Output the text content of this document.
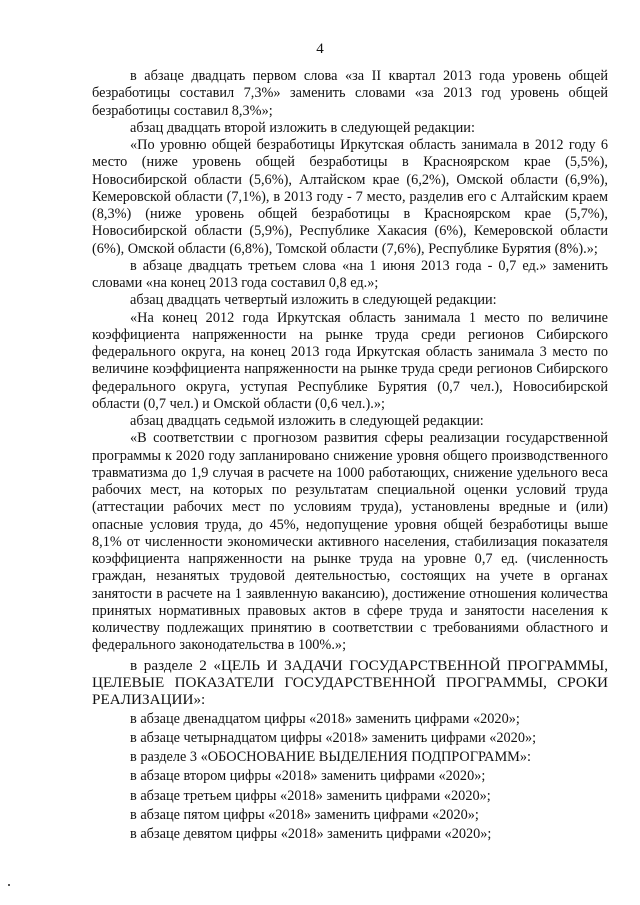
4

в абзаце двадцать первом слова «за II квартал 2013 года уровень общей безработицы составил 7,3%» заменить словами «за 2013 год уровень общей безработицы составил 8,3%»;

абзац двадцать второй изложить в следующей редакции:

«По уровню общей безработицы Иркутская область занимала в 2012 году 6 место (ниже уровень общей безработицы в Красноярском крае (5,5%), Новосибирской области (5,6%), Алтайском крае (6,2%), Омской области (6,9%), Кемеровской области (7,1%), в 2013 году - 7 место, разделив его с Алтайским краем (8,3%) (ниже уровень общей безработицы в Красноярском крае (5,7%), Новосибирской области (5,9%), Республике Хакасия (6%), Кемеровской области (6%), Омской области (6,8%), Томской области (7,6%), Республике Бурятия (8%).»;

в абзаце двадцать третьем слова «на 1 июня 2013 года - 0,7 ед.» заменить словами «на конец 2013 года составил 0,8 ед.»;

абзац двадцать четвертый изложить в следующей редакции:

«На конец 2012 года Иркутская область занимала 1 место по величине коэффициента напряженности на рынке труда среди регионов Сибирского федерального округа, на конец 2013 года Иркутская область занимала 3 место по величине коэффициента напряженности на рынке труда среди регионов Сибирского федерального округа, уступая Республике Бурятия (0,7 чел.), Новосибирской области (0,7 чел.) и Омской области (0,6 чел.).»;

абзац двадцать седьмой изложить в следующей редакции:

«В соответствии с прогнозом развития сферы реализации государственной программы к 2020 году запланировано снижение уровня общего производственного травматизма до 1,9 случая в расчете на 1000 работающих, снижение удельного веса рабочих мест, на которых по результатам специальной оценки условий труда (аттестации рабочих мест по условиям труда), установлены вредные и (или) опасные условия труда, до 45%, недопущение уровня общей безработицы выше 8,1% от численности экономически активного населения, стабилизация показателя коэффициента напряженности на рынке труда на уровне 0,7 ед. (численность граждан, незанятых трудовой деятельностью, состоящих на учете в органах занятости в расчете на 1 заявленную вакансию), достижение отношения количества принятых нормативных правовых актов в сфере труда и занятости населения к количеству подлежащих принятию в соответствии с требованиями областного и федерального законодательства в 100%.»;

в разделе 2 «ЦЕЛЬ И ЗАДАЧИ ГОСУДАРСТВЕННОЙ ПРОГРАММЫ, ЦЕЛЕВЫЕ ПОКАЗАТЕЛИ ГОСУДАРСТВЕННОЙ ПРОГРАММЫ, СРОКИ РЕАЛИЗАЦИИ»:

в абзаце двенадцатом цифры «2018» заменить цифрами «2020»;

в абзаце четырнадцатом цифры «2018» заменить цифрами «2020»;

в разделе 3 «ОБОСНОВАНИЕ ВЫДЕЛЕНИЯ ПОДПРОГРАММ»:

в абзаце втором цифры «2018» заменить цифрами «2020»;

в абзаце третьем цифры «2018» заменить цифрами «2020»;

в абзаце пятом цифры «2018» заменить цифрами «2020»;

в абзаце девятом цифры «2018» заменить цифрами «2020»;
